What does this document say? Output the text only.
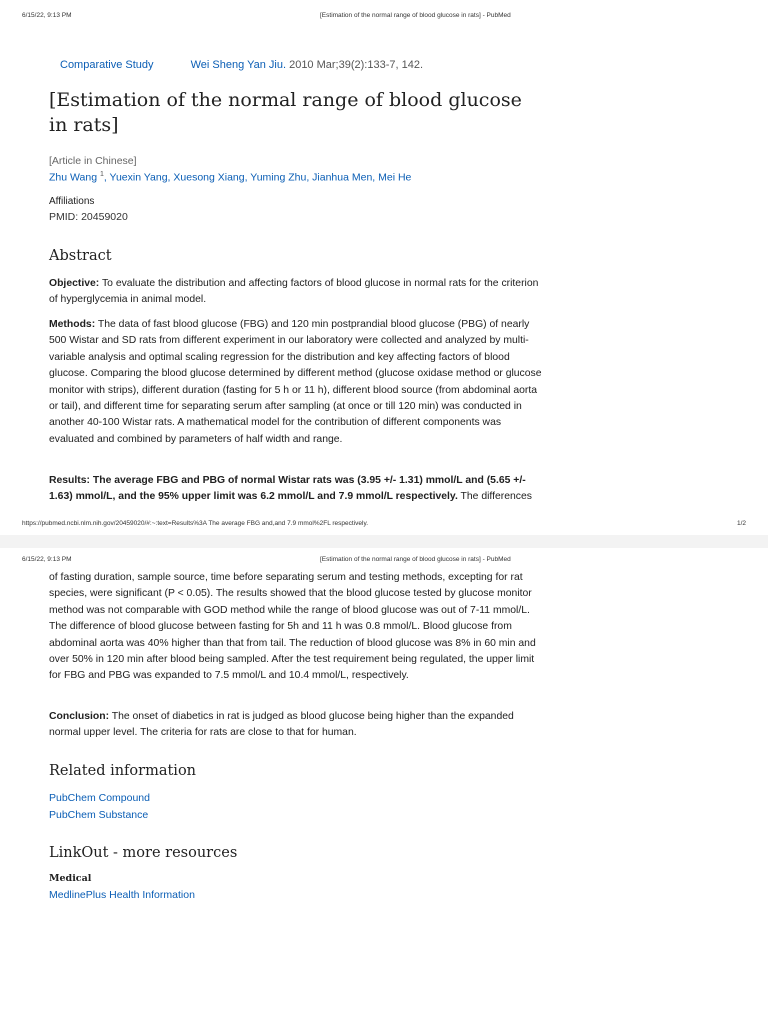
6/15/22, 9:13 PM	[Estimation of the normal range of blood glucose in rats] - PubMed
Comparative Study	Wei Sheng Yan Jiu. 2010 Mar;39(2):133-7, 142.
[Estimation of the normal range of blood glucose in rats]
[Article in Chinese]
Zhu Wang $^1$, Yuexin Yang, Xuesong Xiang, Yuming Zhu, Jianhua Men, Mei He
Affiliations
PMID: 20459020
Abstract

Objective: To evaluate the distribution and affecting factors of blood glucose in normal rats for the criterion of hyperglycemia in animal model.

Methods: The data of fast blood glucose (FBG) and 120 min postprandial blood glucose (PBG) of nearly 500 Wistar and SD rats from different experiment in our laboratory were collected and analyzed by multi-variable analysis and optimal scaling regression for the distribution and key affecting factors of blood glucose. Comparing the blood glucose determined by different method (glucose oxidase method or glucose monitor with strips), different duration (fasting for 5 h or 11 h), different blood source (from abdominal aorta or tail), and different time for separating serum after sampling (at once or till 120 min) was conducted in another 40-100 Wistar rats. A mathematical model for the contribution of different components was evaluated and combined by parameters of half width and range.

Results: The average FBG and PBG of normal Wistar rats was (3.95 +/- 1.31) mmol/L and (5.65 +/- 1.63) mmol/L, and the 95% upper limit was 6.2 mmol/L and 7.9 mmol/L respectively. The differences

https://pubmed.ncbi.nlm.nih.gov/20459020/#:~:text=Results%3A The average FBG and,and 7.9 mmol%2FL respectively.	1/2
6/15/22, 9:13 PM	[Estimation of the normal range of blood glucose in rats] - PubMed

of fasting duration, sample source, time before separating serum and testing methods, excepting for rat species, were significant (P < 0.05). The results showed that the blood glucose tested by glucose monitor method was not comparable with GOD method while the range of blood glucose was out of 7-11 mmol/L. The difference of blood glucose between fasting for 5h and 11 h was 0.8 mmol/L. Blood glucose from abdominal aorta was 40% higher than that from tail. The reduction of blood glucose was 8% in 60 min and over 50% in 120 min after blood being sampled. After the test requirement being regulated, the upper limit for FBG and PBG was expanded to 7.5 mmol/L and 10.4 mmol/L, respectively.

Conclusion: The onset of diabetics in rat is judged as blood glucose being higher than the expanded normal upper level. The criteria for rats are close to that for human.

Related information
PubChem Compound
PubChem Substance
LinkOut - more resources
Medical
MedlinePlus Health Information
